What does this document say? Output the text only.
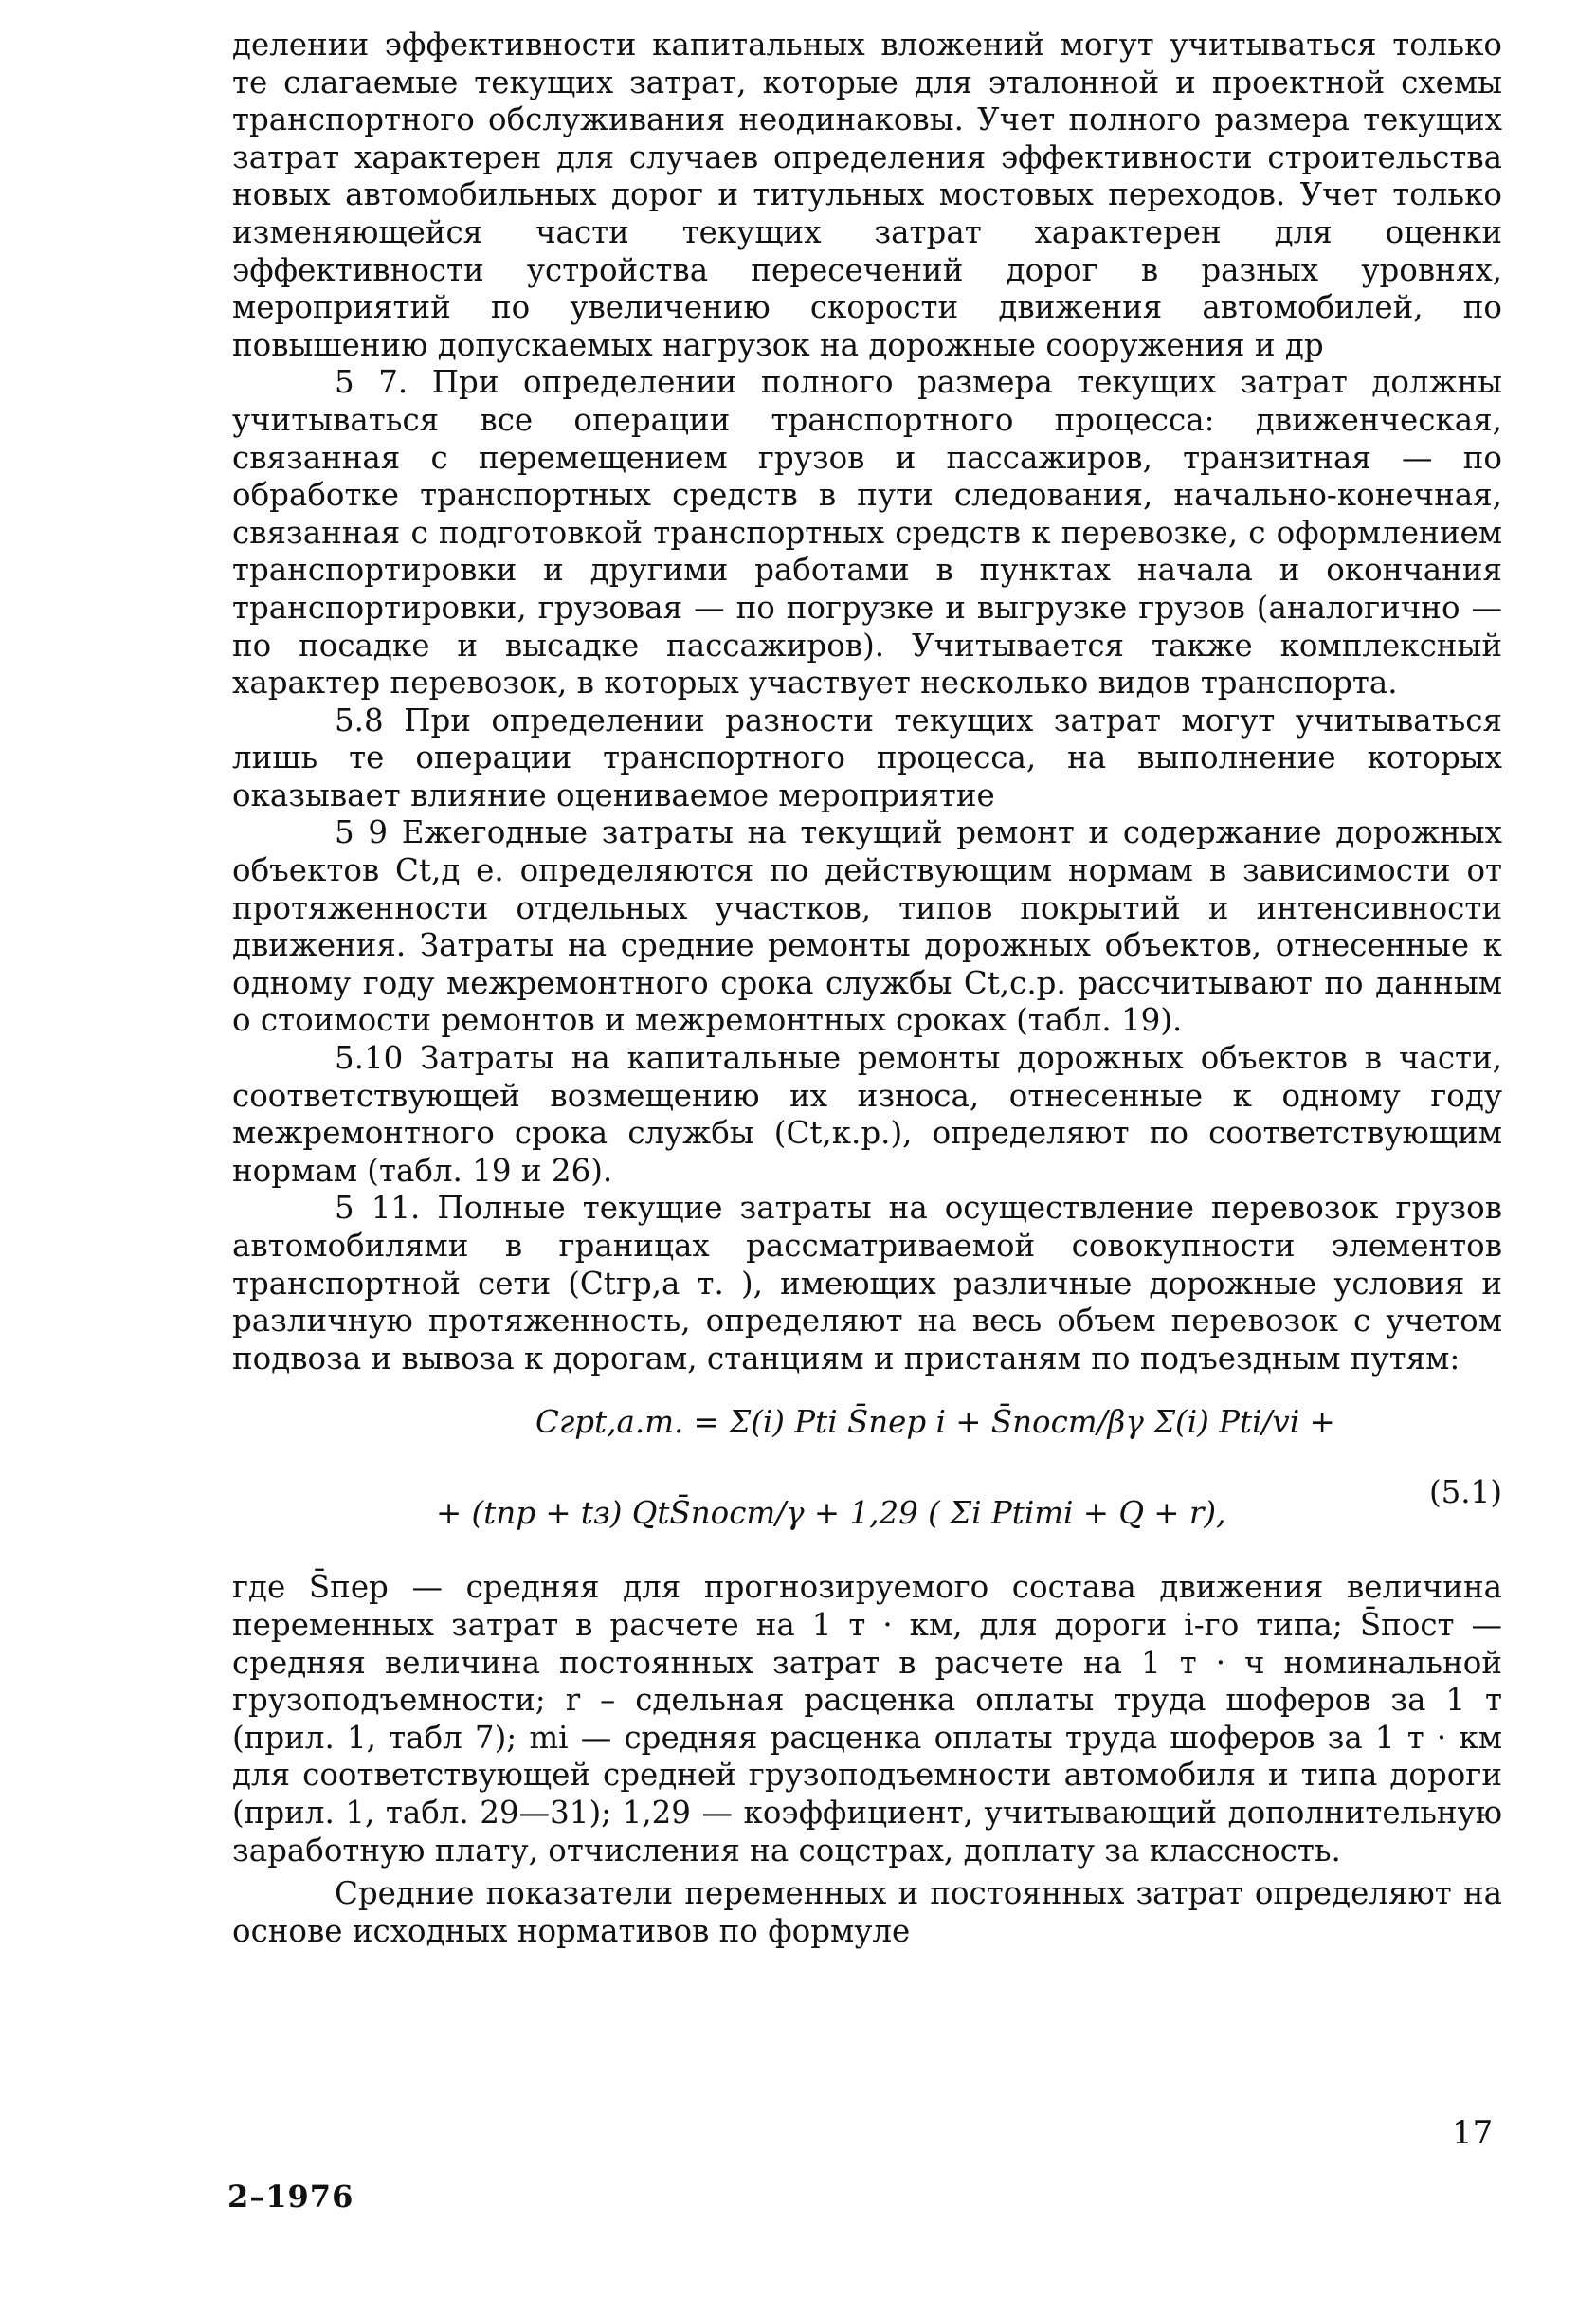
делении эффективности капитальных вложений могут учитываться только те слагаемые текущих затрат, которые для эталонной и проектной схемы транспортного обслуживания неодинаковы. Учет полного размера текущих затрат характерен для случаев определения эффективности строительства новых автомобильных дорог и титульных мостовых переходов. Учет только изменяющейся части текущих затрат характерен для оценки эффективности устройства пересечений дорог в разных уровнях, мероприятий по увеличению скорости движения автомобилей, по повышению допускаемых нагрузок на дорожные сооружения и др

5 7. При определении полного размера текущих затрат должны учитываться все операции транспортного процесса: движенческая, связанная с перемещением грузов и пассажиров, транзитная — по обработке транспортных средств в пути следования, начально-конечная, связанная с подготовкой транспортных средств к перевозке, с оформлением транспортировки и другими работами в пунктах начала и окончания транспортировки, грузовая — по погрузке и выгрузке грузов (аналогично — по посадке и высадке пассажиров). Учитывается также комплексный характер перевозок, в которых участвует несколько видов транспорта.

5.8 При определении разности текущих затрат могут учитываться лишь те операции транспортного процесса, на выполнение которых оказывает влияние оцениваемое мероприятие

5 9 Ежегодные затраты на текущий ремонт и содержание дорожных объектов Ct,д е. определяются по действующим нормам в зависимости от протяженности отдельных участков, типов покрытий и интенсивности движения. Затраты на средние ремонты дорожных объектов, отнесенные к одному году межремонтного срока службы Ct,с.р. рассчитывают по данным о стоимости ремонтов и межремонтных сроках (табл. 19).

5.10 Затраты на капитальные ремонты дорожных объектов в части, соответствующей возмещению их износа, отнесенные к одному году межремонтного срока службы (Ct,к.р.), определяют по соответствующим нормам (табл. 19 и 26).

5 11. Полные текущие затраты на осуществление перевозок грузов автомобилями в границах рассматриваемой совокупности элементов транспортной сети (Ctгр,а т. ), имеющих различные дорожные условия и различную протяженность, определяют на весь объем перевозок с учетом подвоза и вывоза к дорогам, станциям и пристаням по подъездным путям:

Cгрt,а.т. = Σ(i) Pti S̄пер i + S̄пост/βγ Σ(i) Pti/vi +
+ (tпр + tз) QtS̄пост/γ + 1,29 ( Σi Ptimi + Q + r),
(5.1)

где S̄пер — средняя для прогнозируемого состава движения величина переменных затрат в расчете на 1 т · км, для дороги i-го типа; S̄пост — средняя величина постоянных затрат в расчете на 1 т · ч номинальной грузоподъемности; r – сдельная расценка оплаты труда шоферов за 1 т (прил. 1, табл 7); mi — средняя расценка оплаты труда шоферов за 1 т · км для соответствующей средней грузоподъемности автомобиля и типа дороги (прил. 1, табл. 29—31); 1,29 — коэффициент, учитывающий дополнительную заработную плату, отчисления на соцстрах, доплату за классность.

Средние показатели переменных и постоянных затрат определяют на основе исходных нормативов по формуле

17
2–1976
